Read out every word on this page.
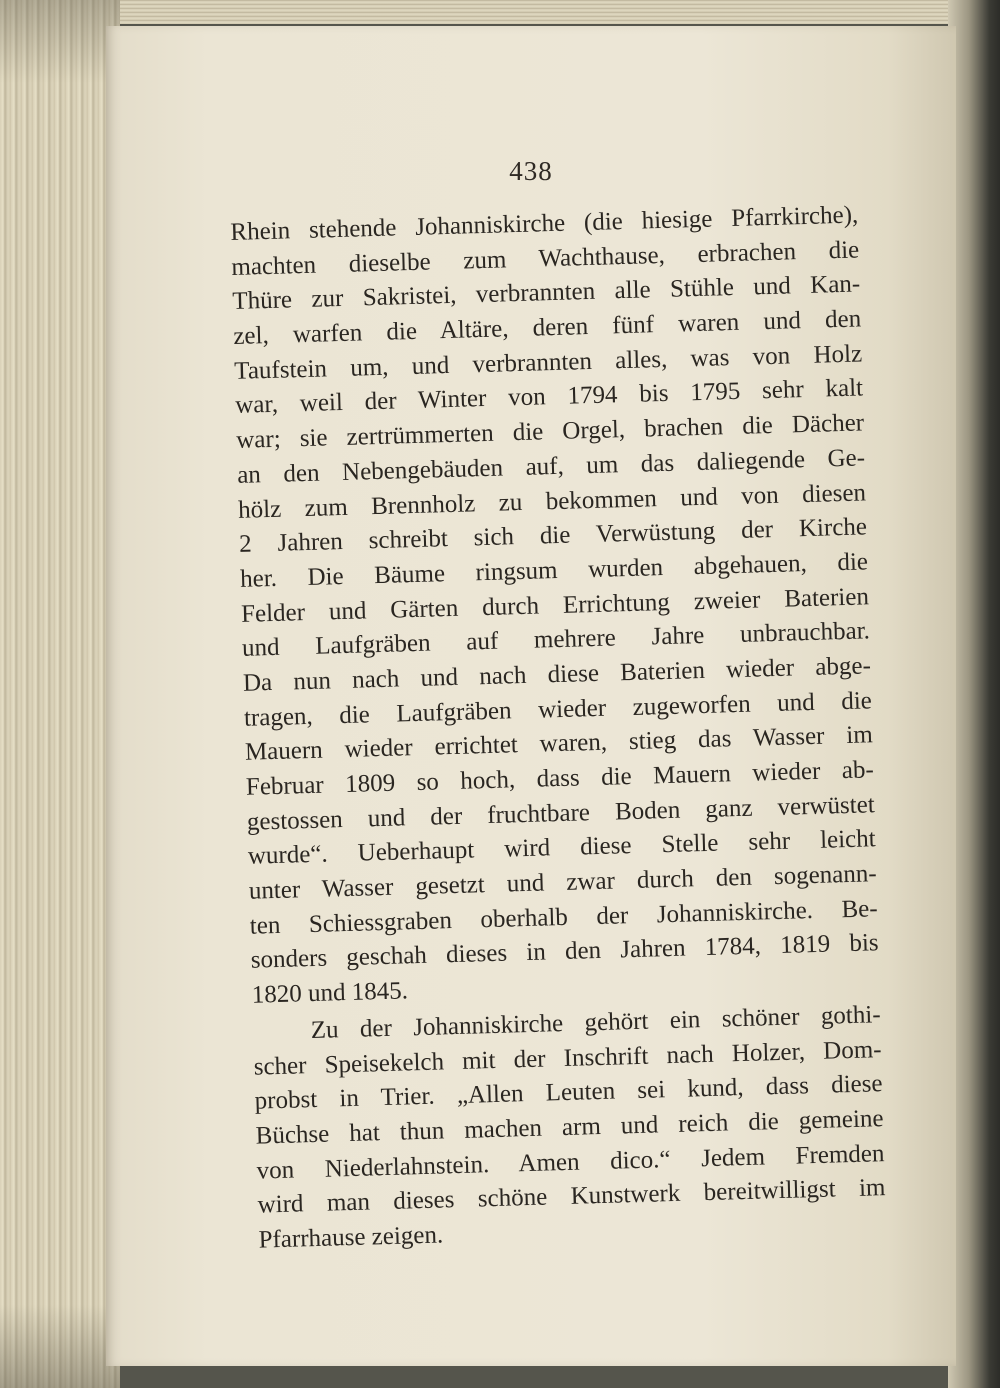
438
Rhein stehende Johanniskirche (die hiesige Pfarrkirche),
machten dieselbe zum Wachthause, erbrachen die
Thüre zur Sakristei, verbrannten alle Stühle und Kan-
zel, warfen die Altäre, deren fünf waren und den
Taufstein um, und verbrannten alles, was von Holz
war, weil der Winter von 1794 bis 1795 sehr kalt
war; sie zertrümmerten die Orgel, brachen die Dächer
an den Nebengebäuden auf, um das daliegende Ge-
hölz zum Brennholz zu bekommen und von diesen
2 Jahren schreibt sich die Verwüstung der Kirche
her. Die Bäume ringsum wurden abgehauen, die
Felder und Gärten durch Errichtung zweier Baterien
und Laufgräben auf mehrere Jahre unbrauchbar.
Da nun nach und nach diese Baterien wieder abge-
tragen, die Laufgräben wieder zugeworfen und die
Mauern wieder errichtet waren, stieg das Wasser im
Februar 1809 so hoch, dass die Mauern wieder ab-
gestossen und der fruchtbare Boden ganz verwüstet
wurde“. Ueberhaupt wird diese Stelle sehr leicht
unter Wasser gesetzt und zwar durch den sogenann-
ten Schiessgraben oberhalb der Johanniskirche. Be-
sonders geschah dieses in den Jahren 1784, 1819 bis
1820 und 1845.
Zu der Johanniskirche gehört ein schöner gothi-
scher Speisekelch mit der Inschrift nach Holzer, Dom-
probst in Trier. „Allen Leuten sei kund, dass diese
Büchse hat thun machen arm und reich die gemeine
von Niederlahnstein. Amen dico.“ Jedem Fremden
wird man dieses schöne Kunstwerk bereitwilligst im
Pfarrhause zeigen.
